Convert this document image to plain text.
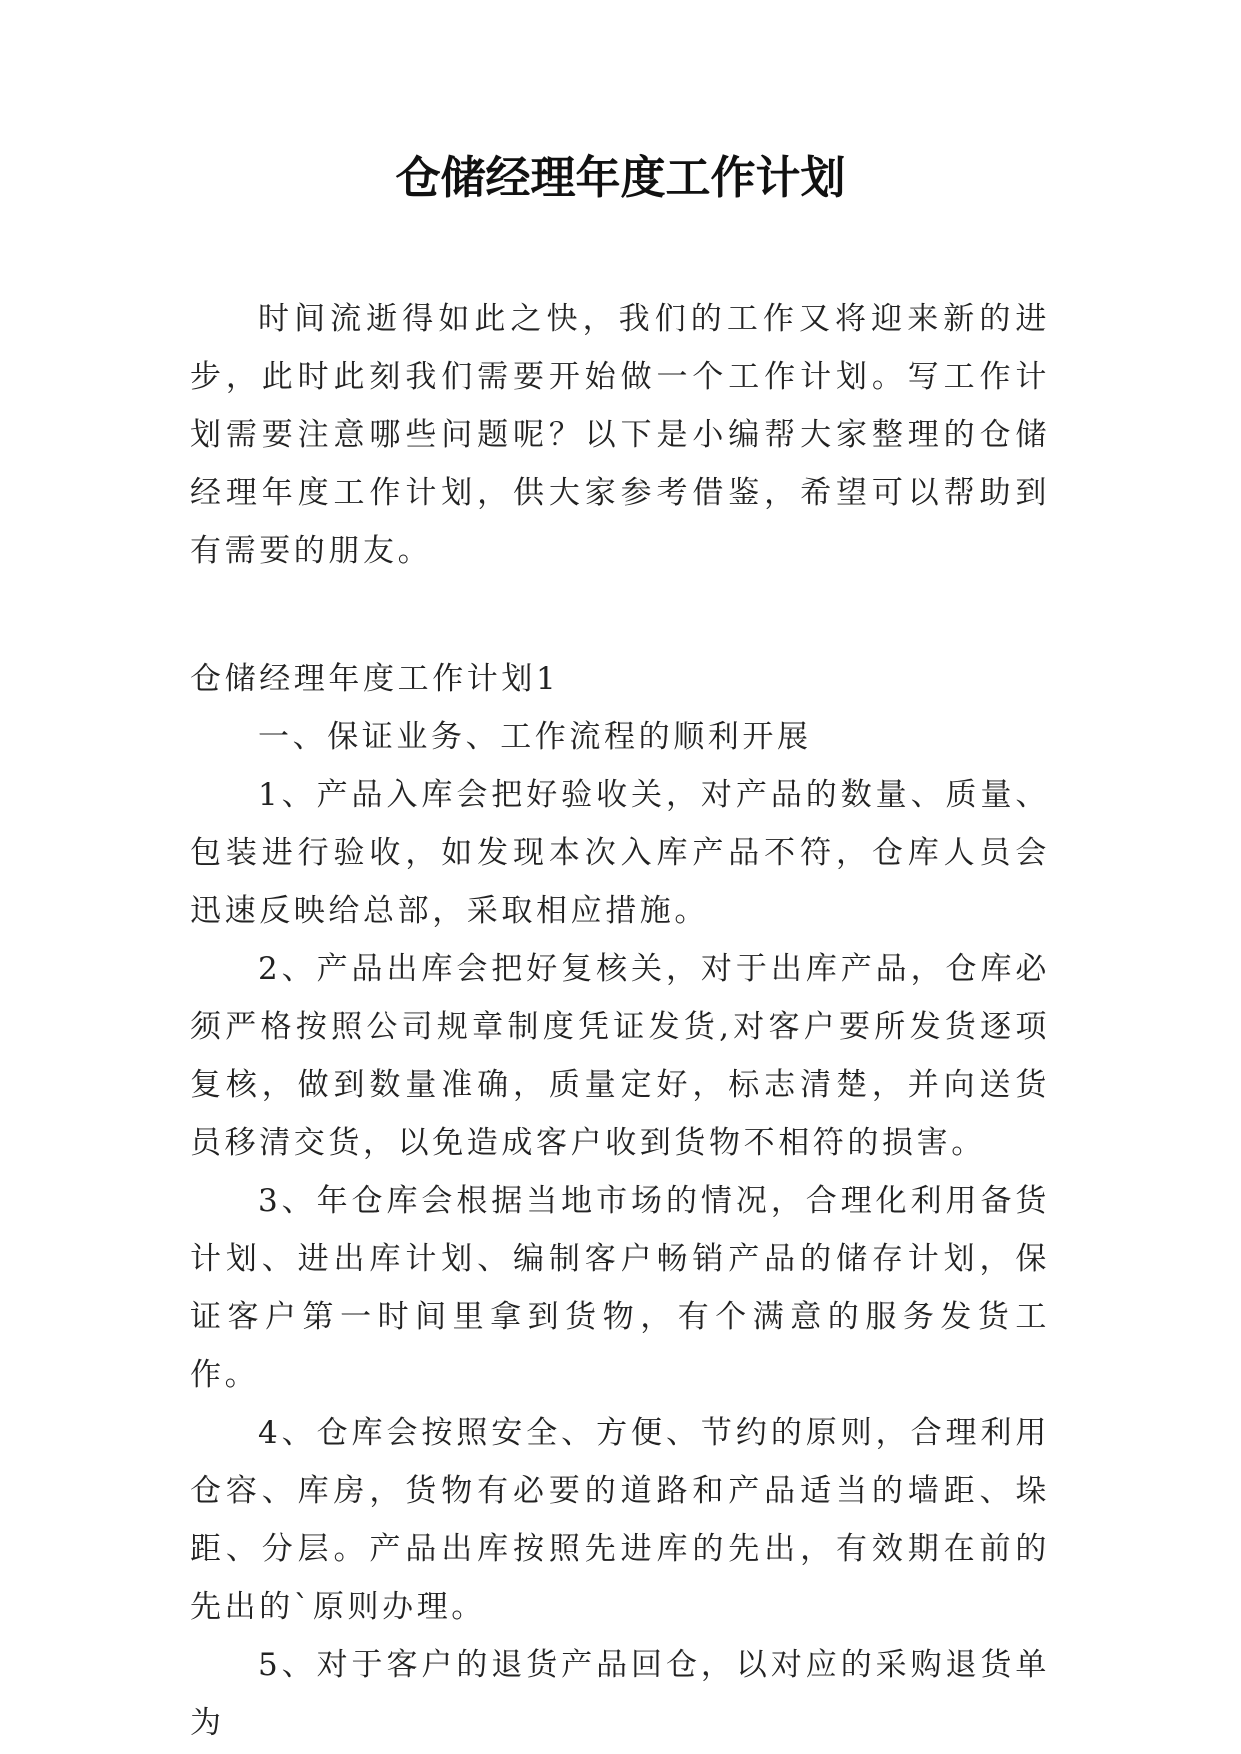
仓储经理年度工作计划

时间流逝得如此之快，我们的工作又将迎来新的进步，此时此刻我们需要开始做一个工作计划。写工作计划需要注意哪些问题呢？以下是小编帮大家整理的仓储经理年度工作计划，供大家参考借鉴，希望可以帮助到有需要的朋友。

仓储经理年度工作计划1

一、保证业务、工作流程的顺利开展

1、产品入库会把好验收关，对产品的数量、质量、包装进行验收，如发现本次入库产品不符，仓库人员会迅速反映给总部，采取相应措施。

2、产品出库会把好复核关，对于出库产品，仓库必须严格按照公司规章制度凭证发货,对客户要所发货逐项复核，做到数量准确，质量定好，标志清楚，并向送货员移清交货，以免造成客户收到货物不相符的损害。

3、年仓库会根据当地市场的情况，合理化利用备货计划、进出库计划、编制客户畅销产品的储存计划，保证客户第一时间里拿到货物，有个满意的服务发货工作。

4、仓库会按照安全、方便、节约的原则，合理利用仓容、库房，货物有必要的道路和产品适当的墙距、垛距、分层。产品出库按照先进库的先出，有效期在前的先出的`原则办理。

5、对于客户的退货产品回仓，以对应的采购退货单为
